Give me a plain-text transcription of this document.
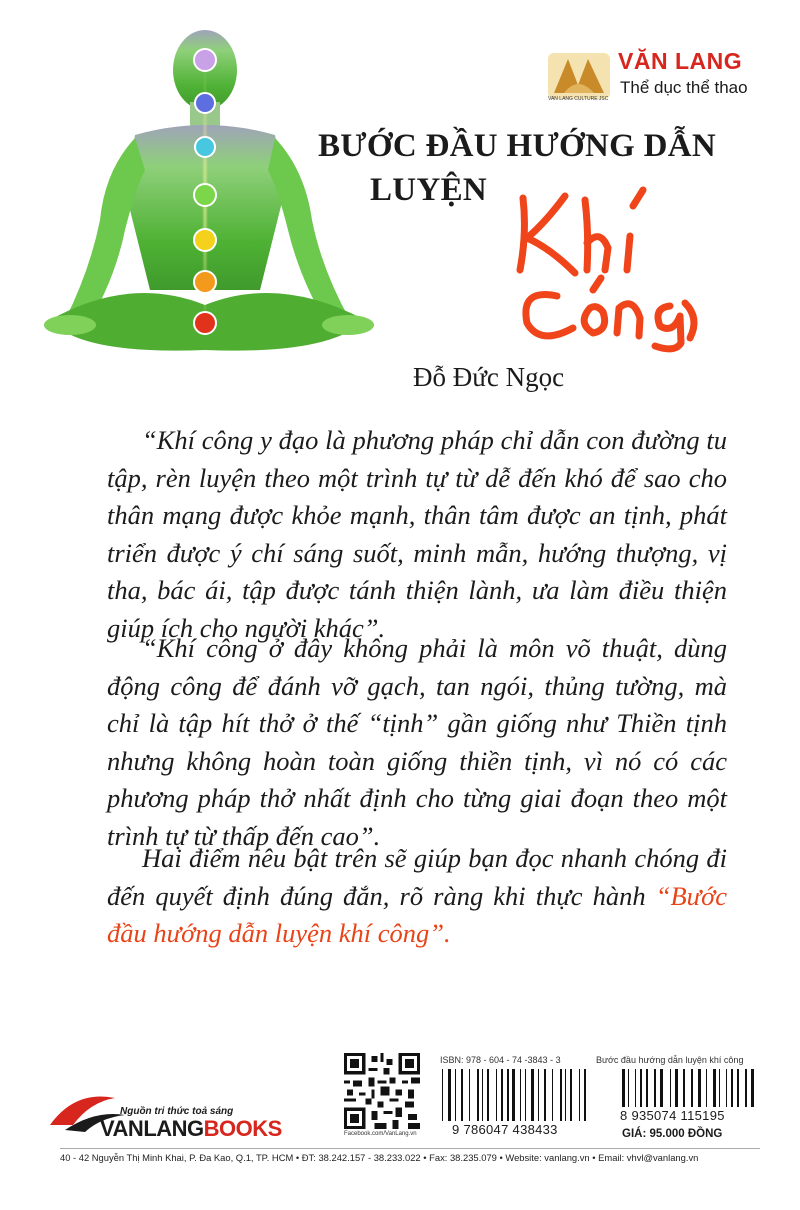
VĂN LANG
Thể dục thể thao
VAN LANG CULTURE JSC
BƯỚC ĐẦU HƯỚNG DẪN
LUYỆN
Đỗ Đức Ngọc

“Khí công y đạo là phương pháp chỉ dẫn con đường tu tập, rèn luyện theo một trình tự từ dễ đến khó để sao cho thân mạng được khỏe mạnh, thân tâm được an tịnh, phát triển được ý chí sáng suốt, minh mẫn, hướng thượng, vị tha, bác ái, tập được tánh thiện lành, ưa làm điều thiện giúp ích cho người khác”.

“Khí công ở đây không phải là môn võ thuật, dùng động công để đánh vỡ gạch, tan ngói, thủng tường, mà chỉ là tập hít thở ở thế “tịnh” gần giống như Thiền tịnh nhưng không hoàn toàn giống thiền tịnh, vì nó có các phương pháp thở nhất định cho từng giai đoạn theo một trình tự từ thấp đến cao”.

Hai điểm nêu bật trên sẽ giúp bạn đọc nhanh chóng đi đến quyết định đúng đắn, rõ ràng khi thực hành “Bước đầu hướng dẫn luyện khí công”.

Nguồn tri thức toả sáng
VANLANGBOOKS	Facebook.com/VanLang.vn
ISBN: 978 - 604 - 74 -3843 - 3	Bước đầu hướng dẫn luyện khí công
9 786047 438433
8 935074 115195
GIÁ: 95.000 ĐỒNG
40 - 42 Nguyễn Thị Minh Khai, P. Đa Kao, Q.1, TP. HCM • ĐT: 38.242.157 - 38.233.022 • Fax: 38.235.079 • Website: vanlang.vn • Email: vhvl@vanlang.vn
